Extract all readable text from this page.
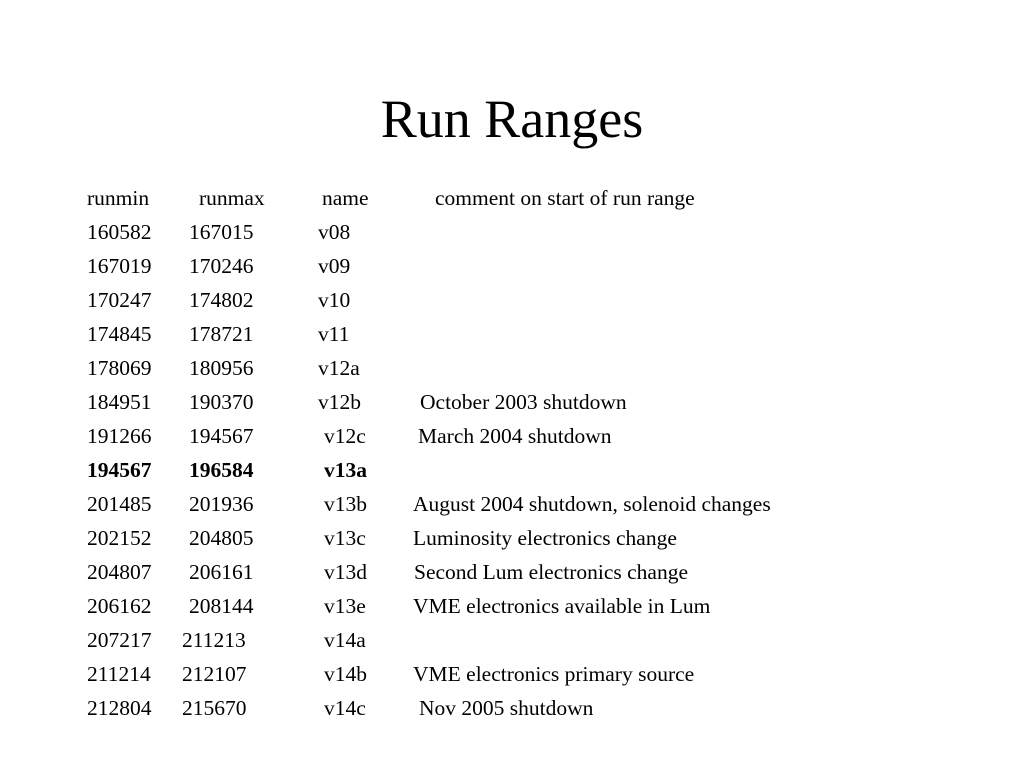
Run Ranges
runmin runmax	name	comment on start of run range
160582 167015	v08
167019 170246	v09
170247 174802	v10
174845 178721	v11
178069 180956	v12a
184951 190370	v12b	October 2003 shutdown
191266 194567	v12c March 2004 shutdown
194567 196584	v13a
201485 201936	v13b August 2004 shutdown, solenoid changes
202152 204805	v13c Luminosity electronics change
204807 206161	v13d Second Lum electronics change
206162 208144	v13e VME electronics available in Lum
207217 211213	v14a
211214 212107	v14b VME electronics primary source
212804 215670	v14c Nov 2005 shutdown
